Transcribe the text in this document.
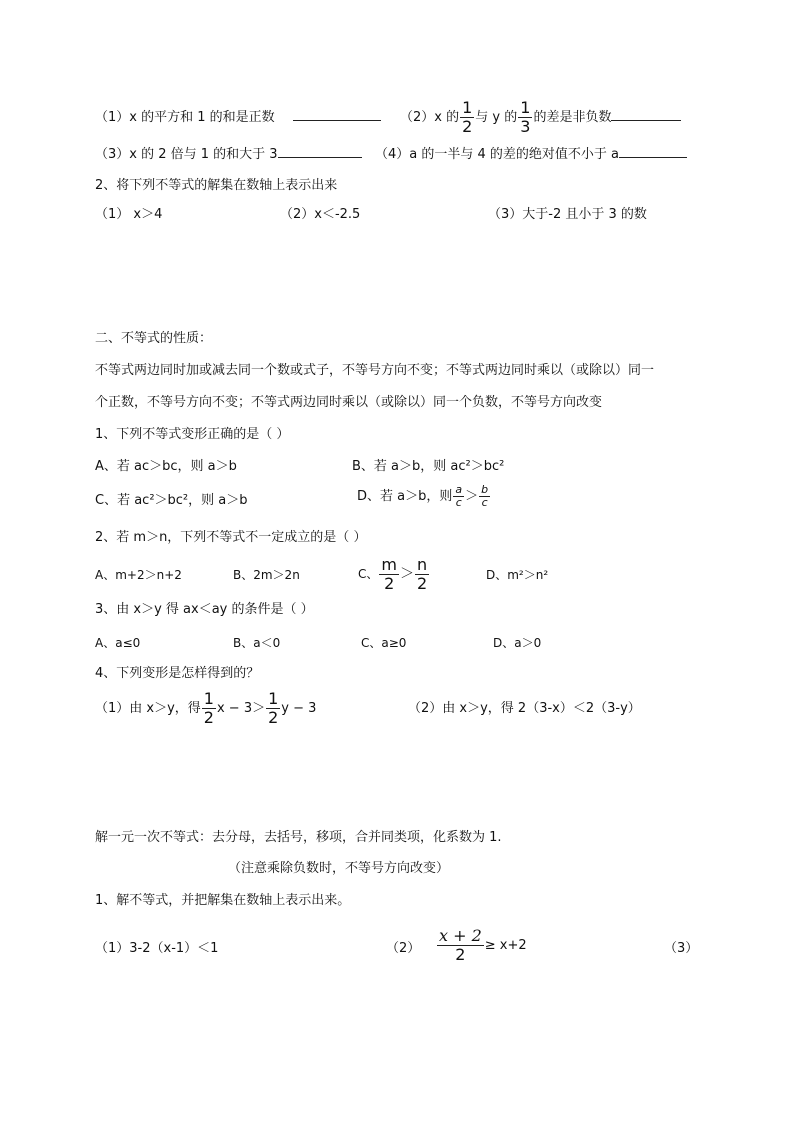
（1）x 的平方和 1 的和是正数	（2）x 的 $\frac{1}{2}$ 与 y 的 $\frac{1}{3}$ 的差是非负数
（3）x 的 2 倍与 1 的和大于 3	（4）a 的一半与 4 的差的绝对值不小于 a
2、将下列不等式的解集在数轴上表示出来
（1） x＞4	（2）x＜-2.5	（3）大于-2 且小于 3 的数
二、不等式的性质：
不等式两边同时加或减去同一个数或式子，不等号方向不变；不等式两边同时乘以（或除以）同一
个正数，不等号方向不变；不等式两边同时乘以（或除以）同一个负数，不等号方向改变
1、下列不等式变形正确的是（ ）
A、若 ac＞bc，则 a＞b	B、若 a＞b，则 ac²＞bc²
C、若 ac²＞bc²，则 a＞b	D、若 a＞b，则 $\frac{a}{c} > \frac{b}{c}$
2、若 m＞n，下列不等式不一定成立的是（ ）
A、m+2＞n+2	B、2m＞2n	C、 $\frac{m}{2} > \frac{n}{2}$	D、m²＞n²
3、由 x＞y 得 ax＜ay 的条件是（ ）
A、a≤0	B、a＜0	C、a≥0	D、a＞0
4、下列变形是怎样得到的？
（1）由 x＞y，得 $\frac{1}{2}$ $x - 3> \frac{1}{2}$ y − 3	（2）由 x＞y，得 2（3-x）＜2（3-y）
解一元一次不等式：去分母，去括号，移项，合并同类项，化系数为 1.
（注意乘除负数时，不等号方向改变）
1、解不等式，并把解集在数轴上表示出来。
（1）3-2（x-1）＜1	$(2) \frac{x + 2}{2} \ge x+2$	（3）
